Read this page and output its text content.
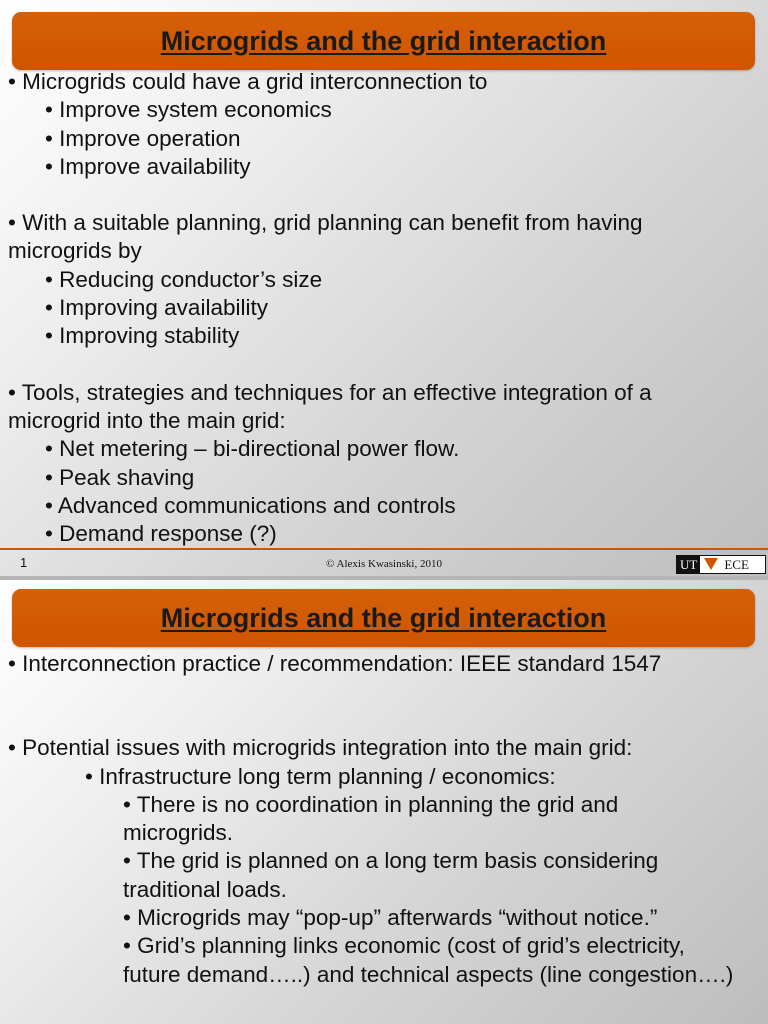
Microgrids and the grid interaction
• Microgrids could have a grid interconnection to
• Improve system economics
• Improve operation
• Improve availability
• With a suitable planning, grid planning can benefit from having
microgrids by
• Reducing conductor’s size
• Improving availability
• Improving stability
• Tools, strategies and techniques for an effective integration of a
microgrid into the main grid:
• Net metering – bi-directional power flow.
• Peak shaving
• Advanced communications and controls
• Demand response (?)
1	© Alexis Kwasinski, 2010	UT ECE
Microgrids and the grid interaction
• Interconnection practice / recommendation: IEEE standard 1547
• Potential issues with microgrids integration into the main grid:
• Infrastructure long term planning / economics:
• There is no coordination in planning the grid and
microgrids.
• The grid is planned on a long term basis considering
traditional loads.
• Microgrids may “pop-up” afterwards “without notice.”
• Grid’s planning links economic (cost of grid’s electricity,
future demand…..) and technical aspects (line congestion….)
